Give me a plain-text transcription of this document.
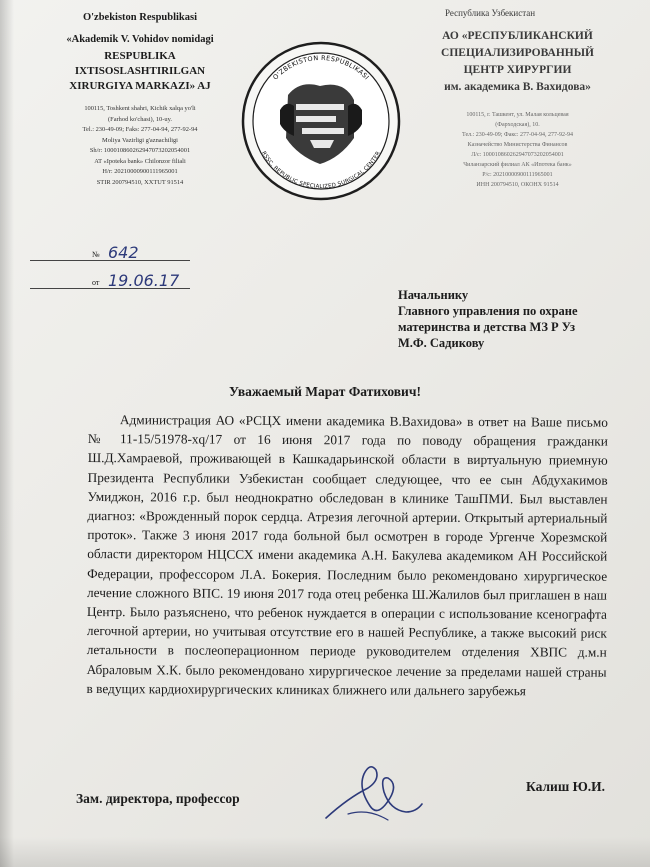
O'zbekiston Respublikasi
«Akademik V. Vohidov nomidagi
RESPUBLIKA
IXTISOSLASHTIRILGAN
XIRURGIYA MARKAZI» AJ
100115, Toshkent shahri, Kichik xalqa yo'li
(Farhod ko'chasi), 10-uy.
Tel.: 230-49-09; Faks: 277-04-94, 277-92-94
Moliya Vazirligi g'aznachiligi
Sh/r: 100010860262947073202054001
AT «Ipoteka bank» Chilonzor filiali
H/r: 20210000900111965001
STIR 200794510, XXTUT 91514
O'ZBEKISTON RESPUBLIKASI
RSSC, REPUBLIC SPECIALIZED SURGICAL CENTER
Республика Узбекистан
АО «РЕСПУБЛИКАНСКИЙ
СПЕЦИАЛИЗИРОВАННЫЙ
ЦЕНТР ХИРУРГИИ
им. академика В. Вахидова»
100115, г. Ташкент, ул. Малая кольцевая
(Фарходская), 10.
Тел.: 230-49-09; Факс: 277-04-94, 277-92-94
Казначейство Министерства Финансов
Л/с: 100010860262947073202054001
Чиланзарский филиал АК «Ипотека банк»
Р/с: 20210000900111965001
ИНН 200794510, ОКОНХ 91514
№ 642
от 19.06.17
Начальнику
Главного управления по охране
материнства и детства МЗ Р Уз
М.Ф. Садикову
Уважаемый Марат Фатихович!
Администрация АО «РСЦХ имени академика В.Вахидова» в ответ на Ваше письмо № 11-15/51978-хq/17 от 16 июня 2017 года по поводу обращения гражданки Ш.Д.Хамраевой, проживающей в Кашкадарьинской области в виртуальную приемную Президента Республики Узбекистан сообщает следующее, что ее сын Абдухакимов Умиджон, 2016 г.р. был неоднократно обследован в клинике ТашПМИ. Был выставлен диагноз: «Врожденный порок сердца. Атрезия легочной артерии. Открытый артериальный проток». Также 3 июня 2017 года больной был осмотрен в городе Ургенче Хорезмской области директором НЦССХ имени академика А.Н. Бакулева академиком АН Российской Федерации, профессором Л.А. Бокерия. Последним было рекомендовано хирургическое лечение сложного ВПС. 19 июня 2017 года отец ребенка Ш.Жалилов был приглашен в наш Центр. Было разъяснено, что ребенок нуждается в операции с использование ксенографта легочной артерии, но учитывая отсутствие его в нашей Республике, а также высокий риск летальности в послеоперационном периоде руководителем отделения ХВПС д.м.н Абраловым Х.К. было рекомендовано хирургическое лечение за пределами нашей страны в ведущих кардиохирургических клиниках ближнего или дальнего зарубежья
Зам. директора, профессор
Калиш Ю.И.
